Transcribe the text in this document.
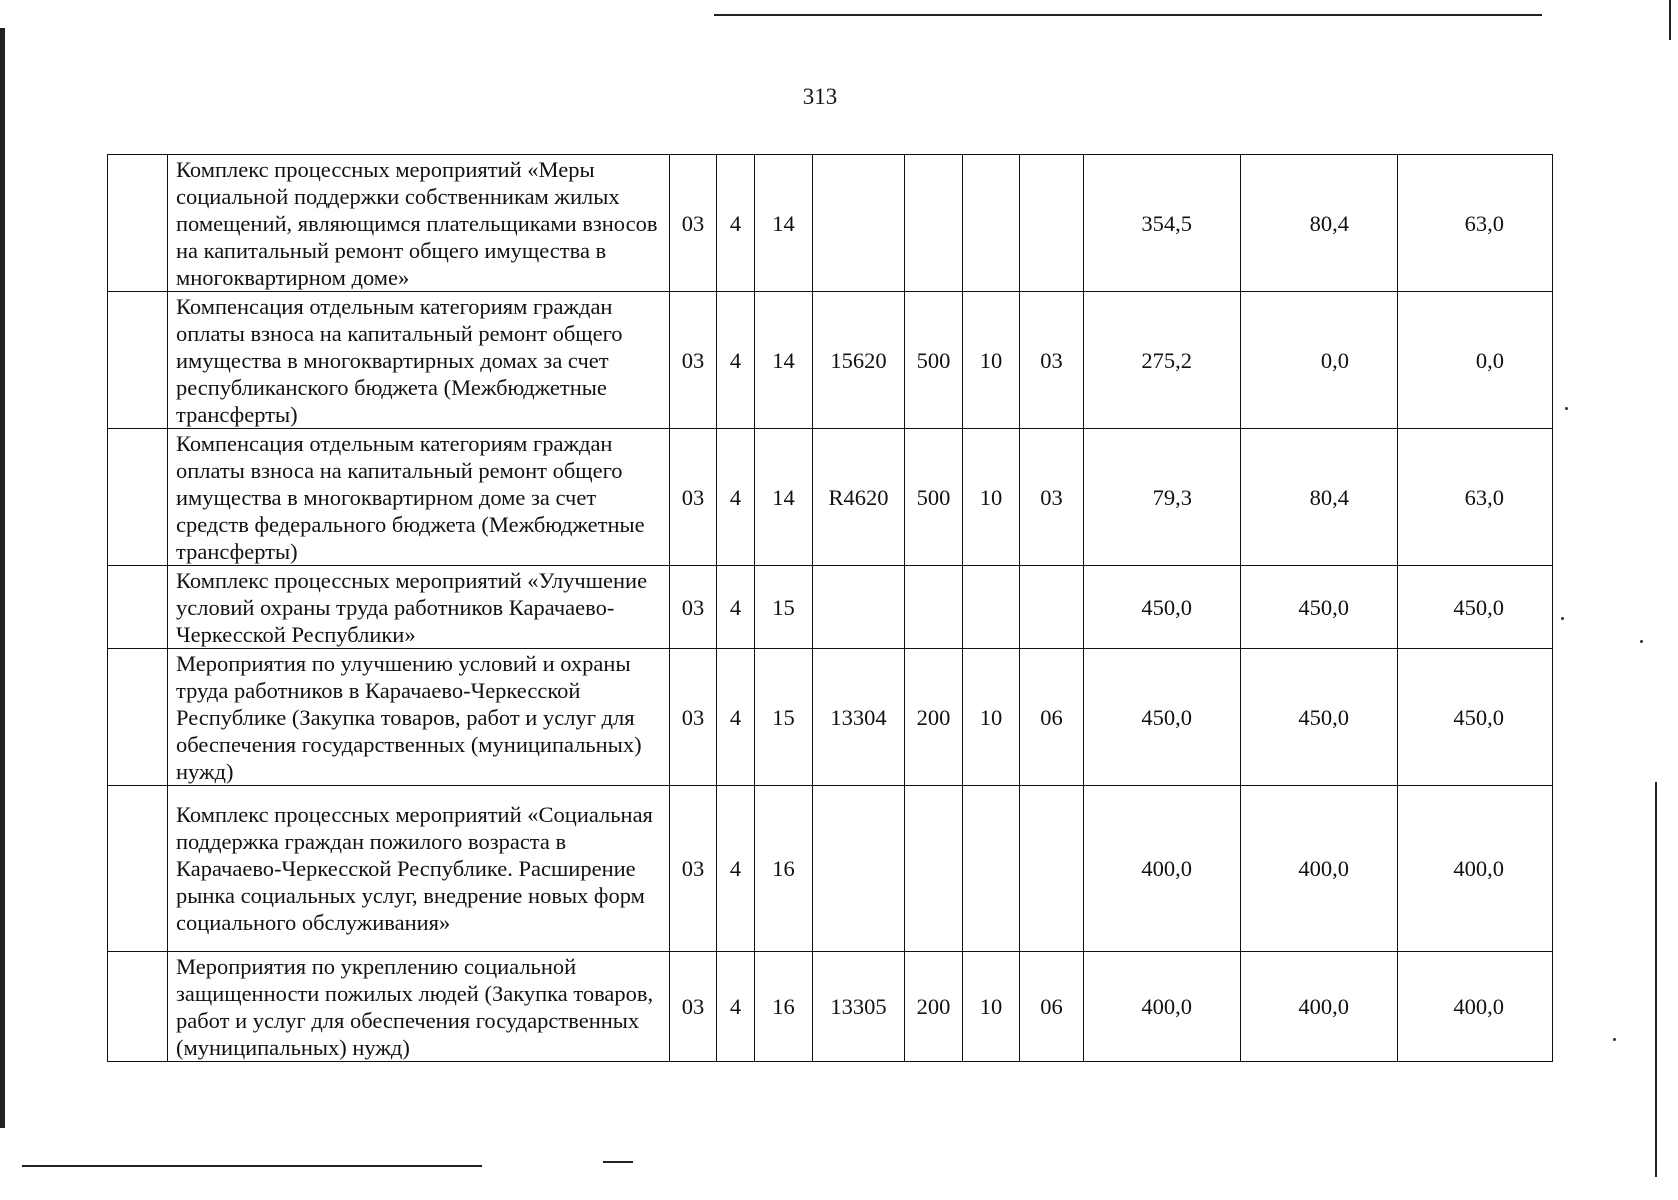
313
	Комплекс процессных мероприятий «Меры социальной поддержки собственникам жилых помещений, являющимся плательщиками взносов на капитальный ремонт общего имущества в многоквартирном доме»	03	4	14					354,5	80,4	63,0
	Компенсация отдельным категориям граждан оплаты взноса на капитальный ремонт общего имущества в многоквартирных домах за счет республиканского бюджета (Межбюджетные трансферты)	03	4	14	15620	500	10	03	275,2	0,0	0,0
	Компенсация отдельным категориям граждан оплаты взноса на капитальный ремонт общего имущества в многоквартирном доме за счет средств федерального бюджета (Межбюджетные трансферты)	03	4	14	R4620	500	10	03	79,3	80,4	63,0
	Комплекс процессных мероприятий «Улучшение условий охраны труда работников Карачаево-Черкесской Республики»	03	4	15					450,0	450,0	450,0
	Мероприятия по улучшению условий и охраны труда работников в Карачаево-Черкесской Республике (Закупка товаров, работ и услуг для обеспечения государственных (муниципальных) нужд)	03	4	15	13304	200	10	06	450,0	450,0	450,0
	Комплекс процессных мероприятий «Социальная поддержка граждан пожилого возраста в Карачаево-Черкесской Республике. Расширение рынка социальных услуг, внедрение новых форм социального обслуживания»	03	4	16					400,0	400,0	400,0
	Мероприятия по укреплению социальной защищенности пожилых людей (Закупка товаров, работ и услуг для обеспечения государственных (муниципальных) нужд)	03	4	16	13305	200	10	06	400,0	400,0	400,0
